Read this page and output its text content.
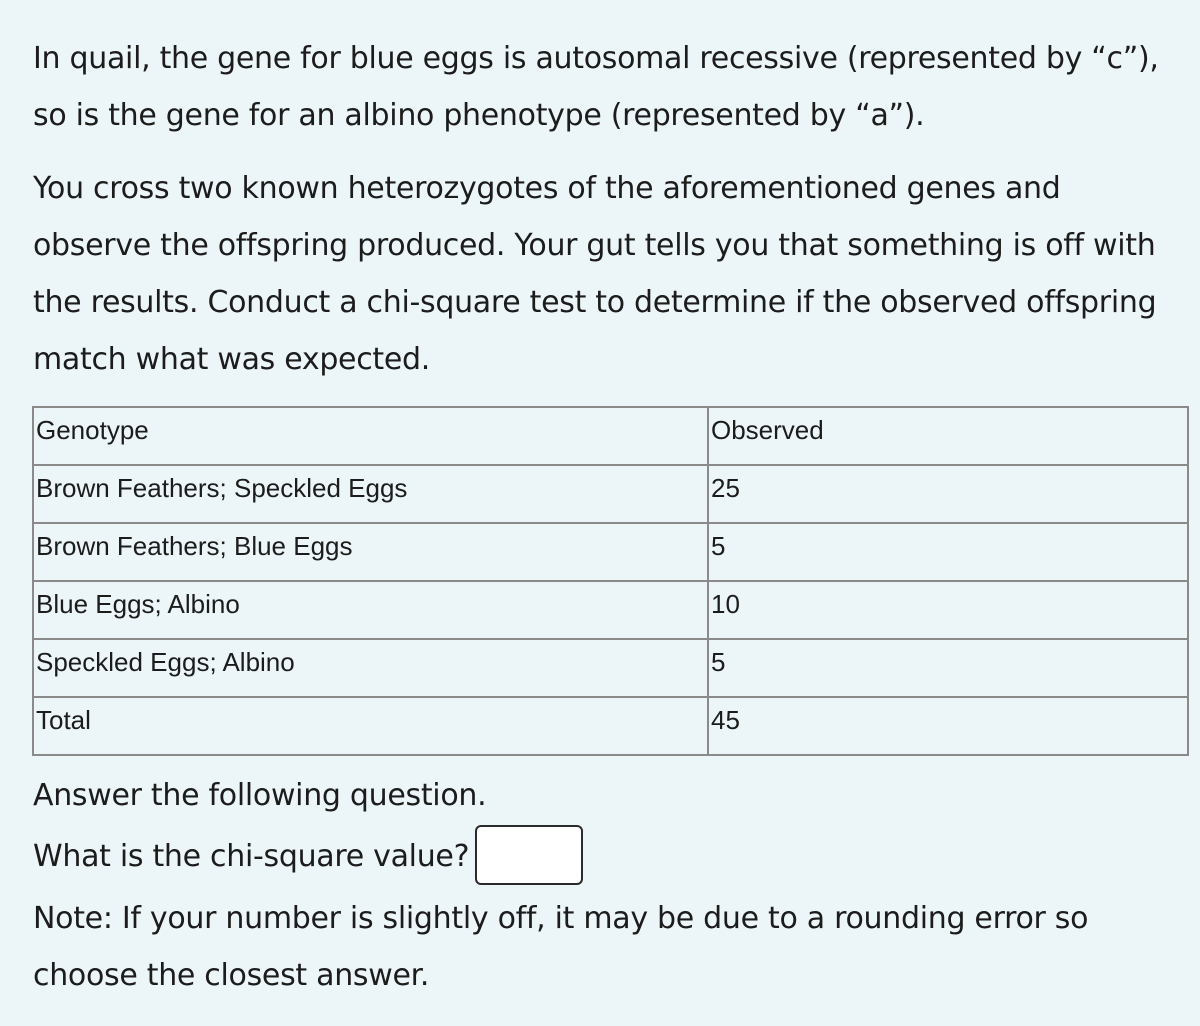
In quail, the gene for blue eggs is autosomal recessive (represented by “c”), so is the gene for an albino phenotype (represented by “a”).

You cross two known heterozygotes of the aforementioned genes and observe the offspring produced. Your gut tells you that something is off with the results. Conduct a chi-square test to determine if the observed offspring match what was expected.

Genotype	Observed
Brown Feathers; Speckled Eggs	25
Brown Feathers; Blue Eggs	5
Blue Eggs; Albino	10
Speckled Eggs; Albino	5
Total	45
Answer the following question.
What is the chi-square value?
Note: If your number is slightly off, it may be due to a rounding error so choose the closest answer.
